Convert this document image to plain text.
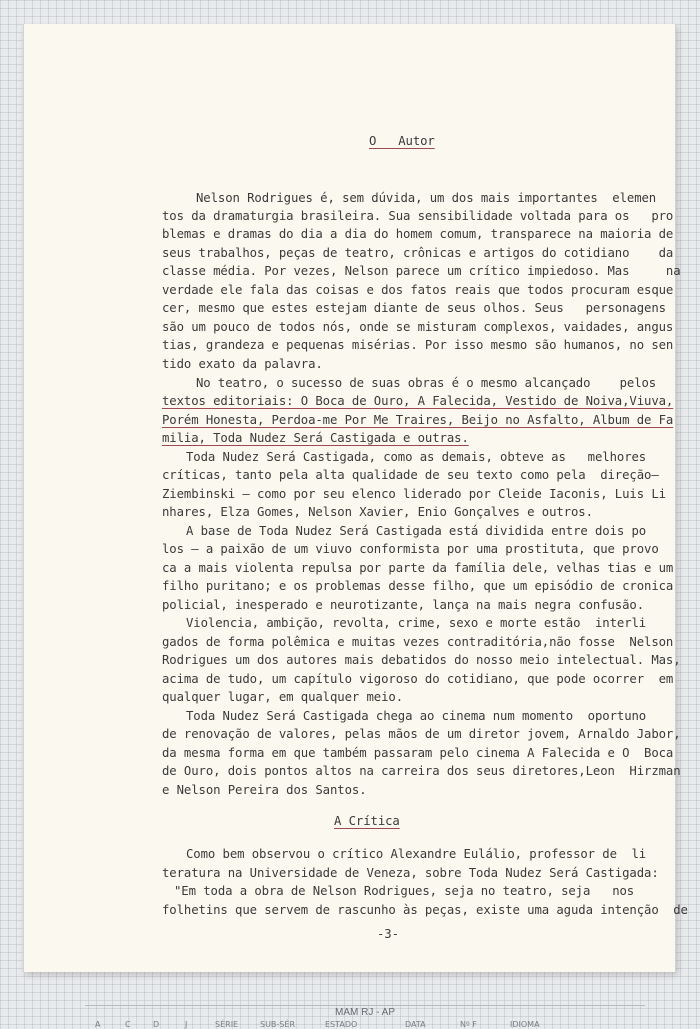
O   Autor
Nelson Rodrigues é, sem dúvida, um dos mais importantes  elemen
tos da dramaturgia brasileira. Sua sensibilidade voltada para os   pro
blemas e dramas do dia a dia do homem comum, transparece na maioria de
seus trabalhos, peças de teatro, crônicas e artigos do cotidiano    da
classe média. Por vezes, Nelson parece um crítico impiedoso. Mas     na
verdade ele fala das coisas e dos fatos reais que todos procuram esque
cer, mesmo que estes estejam diante de seus olhos. Seus   personagens
são um pouco de todos nós, onde se misturam complexos, vaidades, angus
tias, grandeza e pequenas misérias. Por isso mesmo são humanos, no sen
tido exato da palavra.
No teatro, o sucesso de suas obras é o mesmo alcançado    pelos
textos editoriais: O Boca de Ouro, A Falecida, Vestido de Noiva,Viuva,
Porém Honesta, Perdoa-me Por Me Traires, Beijo no Asfalto, Album de Fa
milia, Toda Nudez Será Castigada e outras.
Toda Nudez Será Castigada, como as demais, obteve as   melhores
críticas, tanto pela alta qualidade de seu texto como pela  direção—
Ziembinski — como por seu elenco liderado por Cleide Iaconis, Luis Li
nhares, Elza Gomes, Nelson Xavier, Enio Gonçalves e outros.
A base de Toda Nudez Será Castigada está dividida entre dois po
los — a paixão de um viuvo conformista por uma prostituta, que provo
ca a mais violenta repulsa por parte da família dele, velhas tias e um
filho puritano; e os problemas desse filho, que um episódio de cronica
policial, inesperado e neurotizante, lança na mais negra confusão.
Violencia, ambição, revolta, crime, sexo e morte estão  interli
gados de forma polêmica e muitas vezes contraditória,não fosse  Nelson
Rodrigues um dos autores mais debatidos do nosso meio intelectual. Mas,
acima de tudo, um capítulo vigoroso do cotidiano, que pode ocorrer  em
qualquer lugar, em qualquer meio.
Toda Nudez Será Castigada chega ao cinema num momento  oportuno
de renovação de valores, pelas mãos de um diretor jovem, Arnaldo Jabor,
da mesma forma em que também passaram pelo cinema A Falecida e O  Boca
de Ouro, dois pontos altos na carreira dos seus diretores,Leon  Hirzman
e Nelson Pereira dos Santos.
A Crítica
Como bem observou o crítico Alexandre Eulálio, professor de  li
teratura na Universidade de Veneza, sobre Toda Nudez Será Castigada:
"Em toda a obra de Nelson Rodrigues, seja no teatro, seja   nos
folhetins que servem de rascunho às peças, existe uma aguda intenção  de
-3-
MAM RJ - AP
A	C	D	J	SÉRIE	SUB-SÉR	ESTADO	DATA	Nº F	IDIOMA
